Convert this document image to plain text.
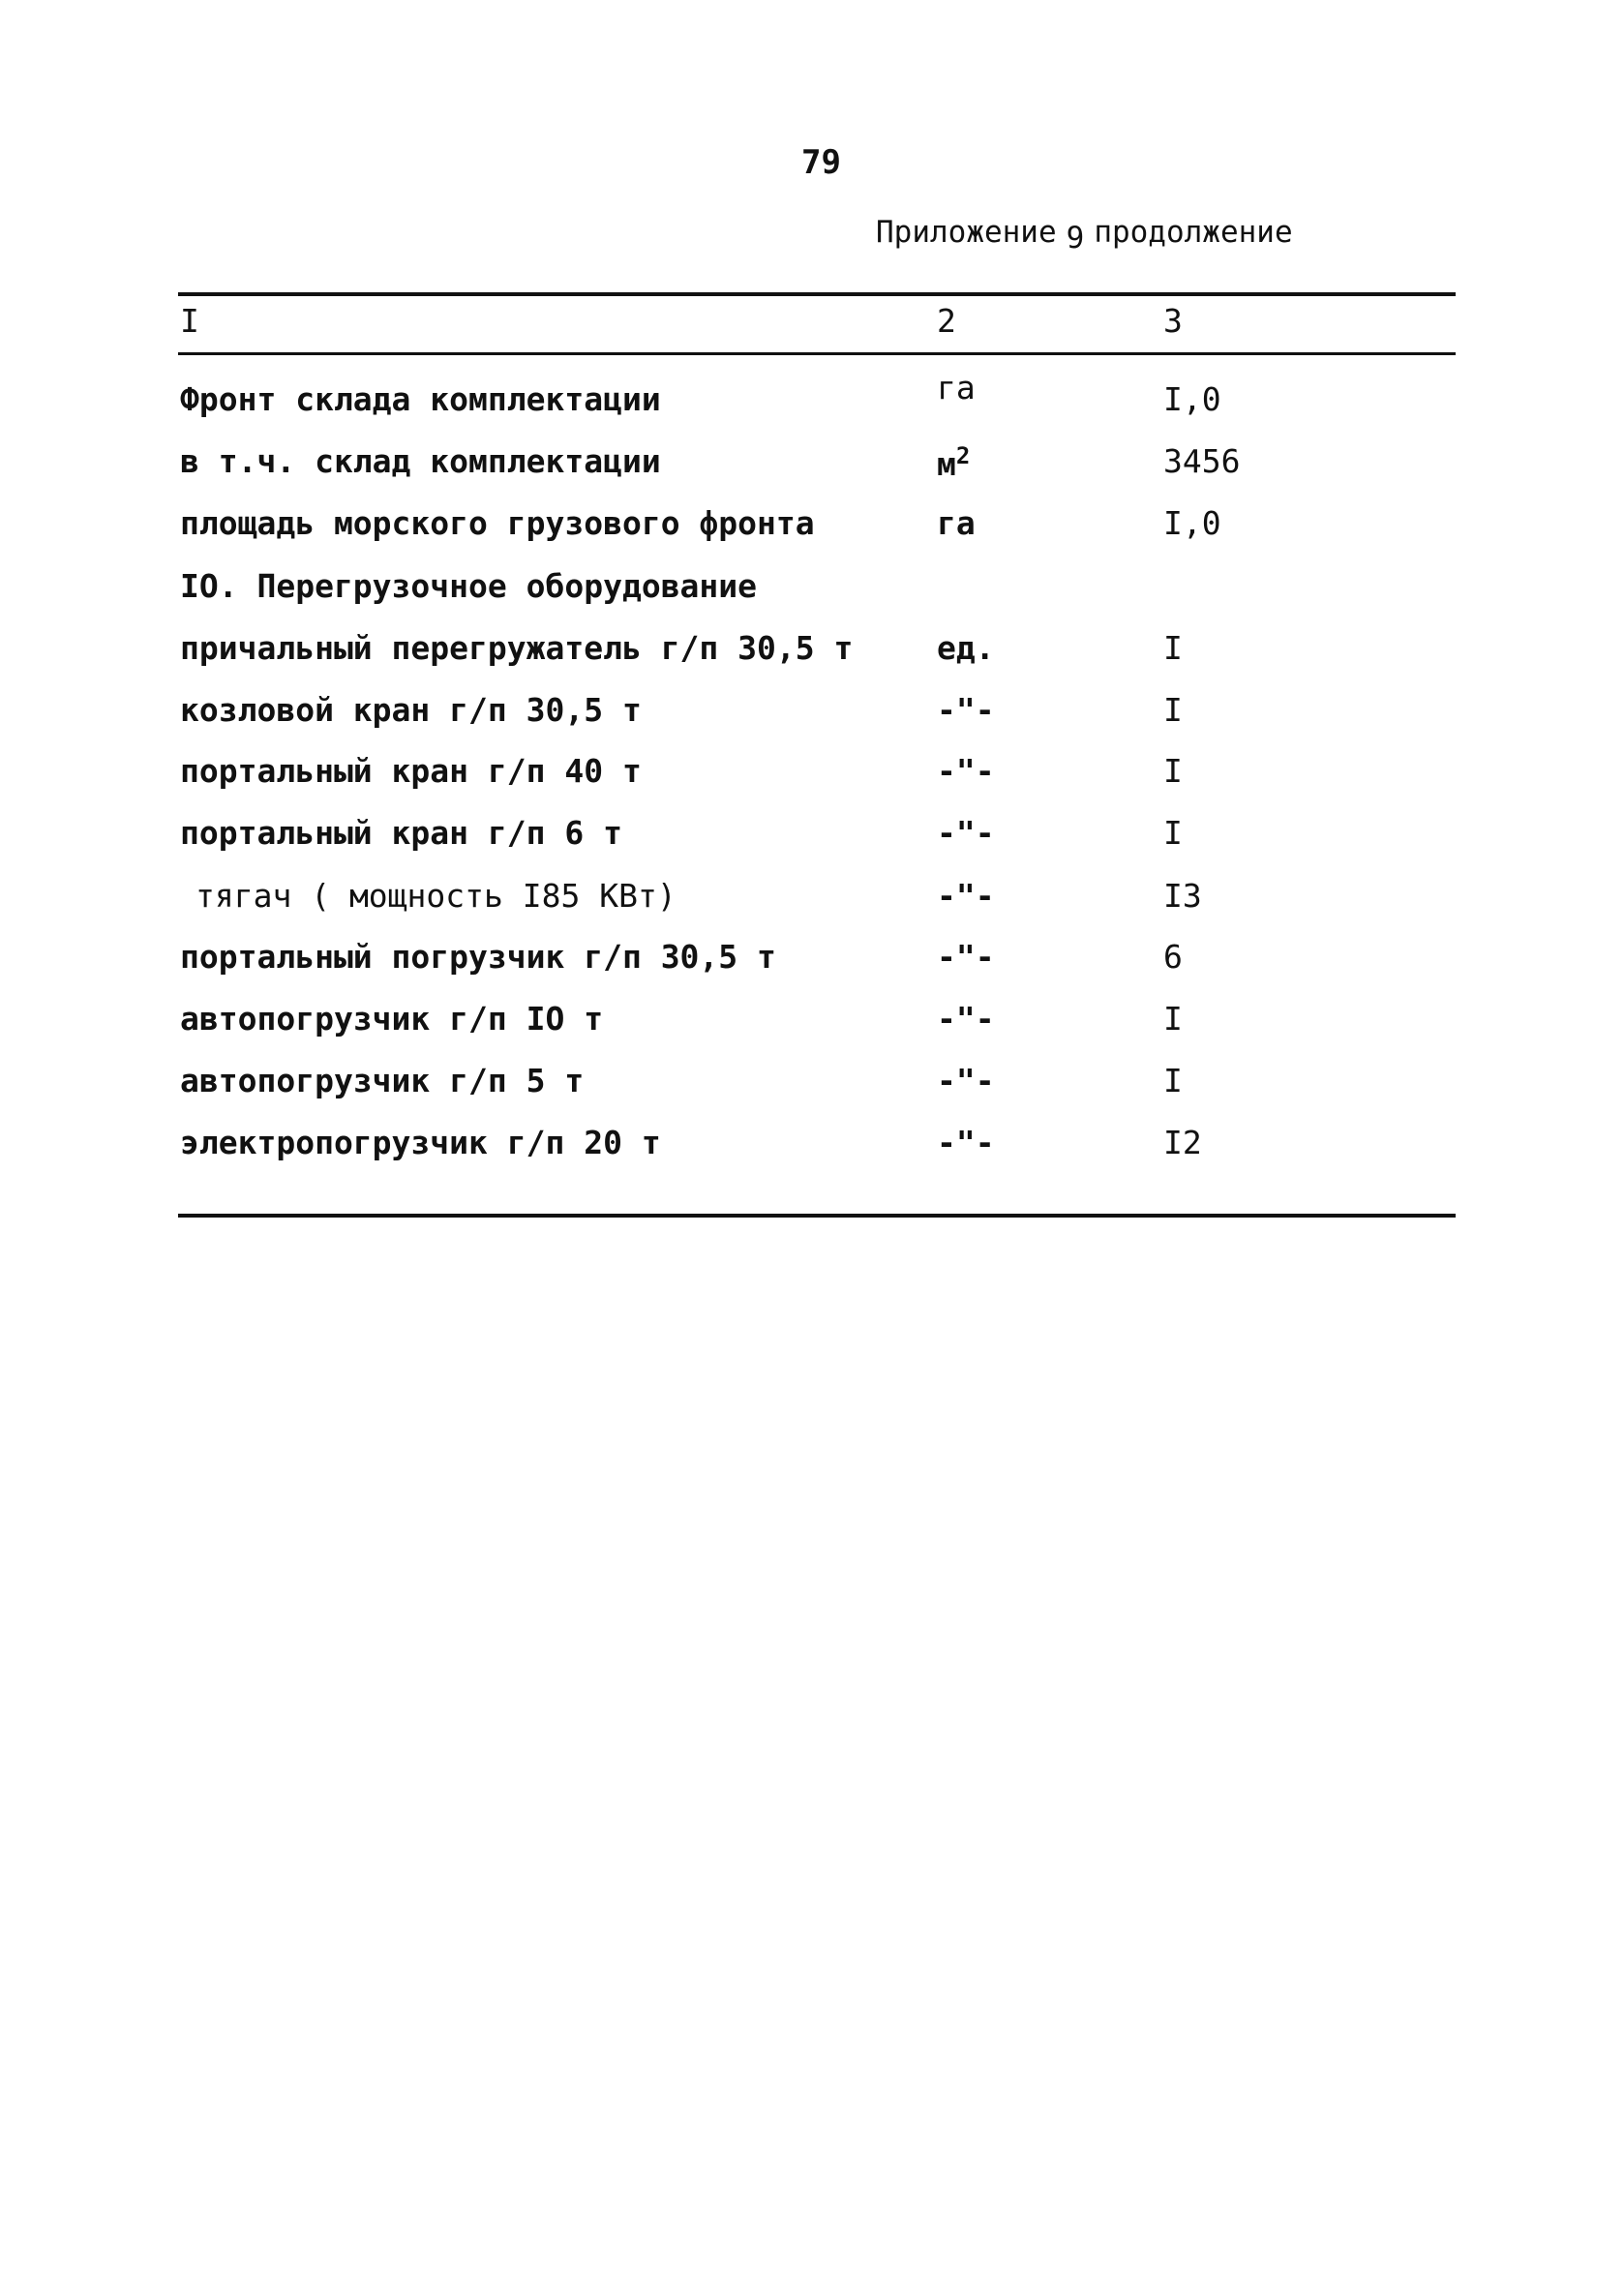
79
Приложение 9 продолжение
I	2	3
Фронт склада комплектации	га	I,0
в т.ч. склад комплектации	$м^2$	3456
площадь морского грузового фронта	га	I,0
IO. Перегрузочное оборудование
причальный перегружатель г/п 30,5 т	ед.	I
козловой кран г/п 30,5 т	-"-	I
портальный кран г/п 40 т	-"-	I
портальный кран г/п 6 т	-"-	I
тягач ( мощность I85 КВт)	-"-	I3
портальный погрузчик г/п 30,5 т	-"-	6
автопогрузчик г/п IO т	-"-	I
автопогрузчик г/п 5 т	-"-	I
электропогрузчик г/п 20 т	-"-	I2
